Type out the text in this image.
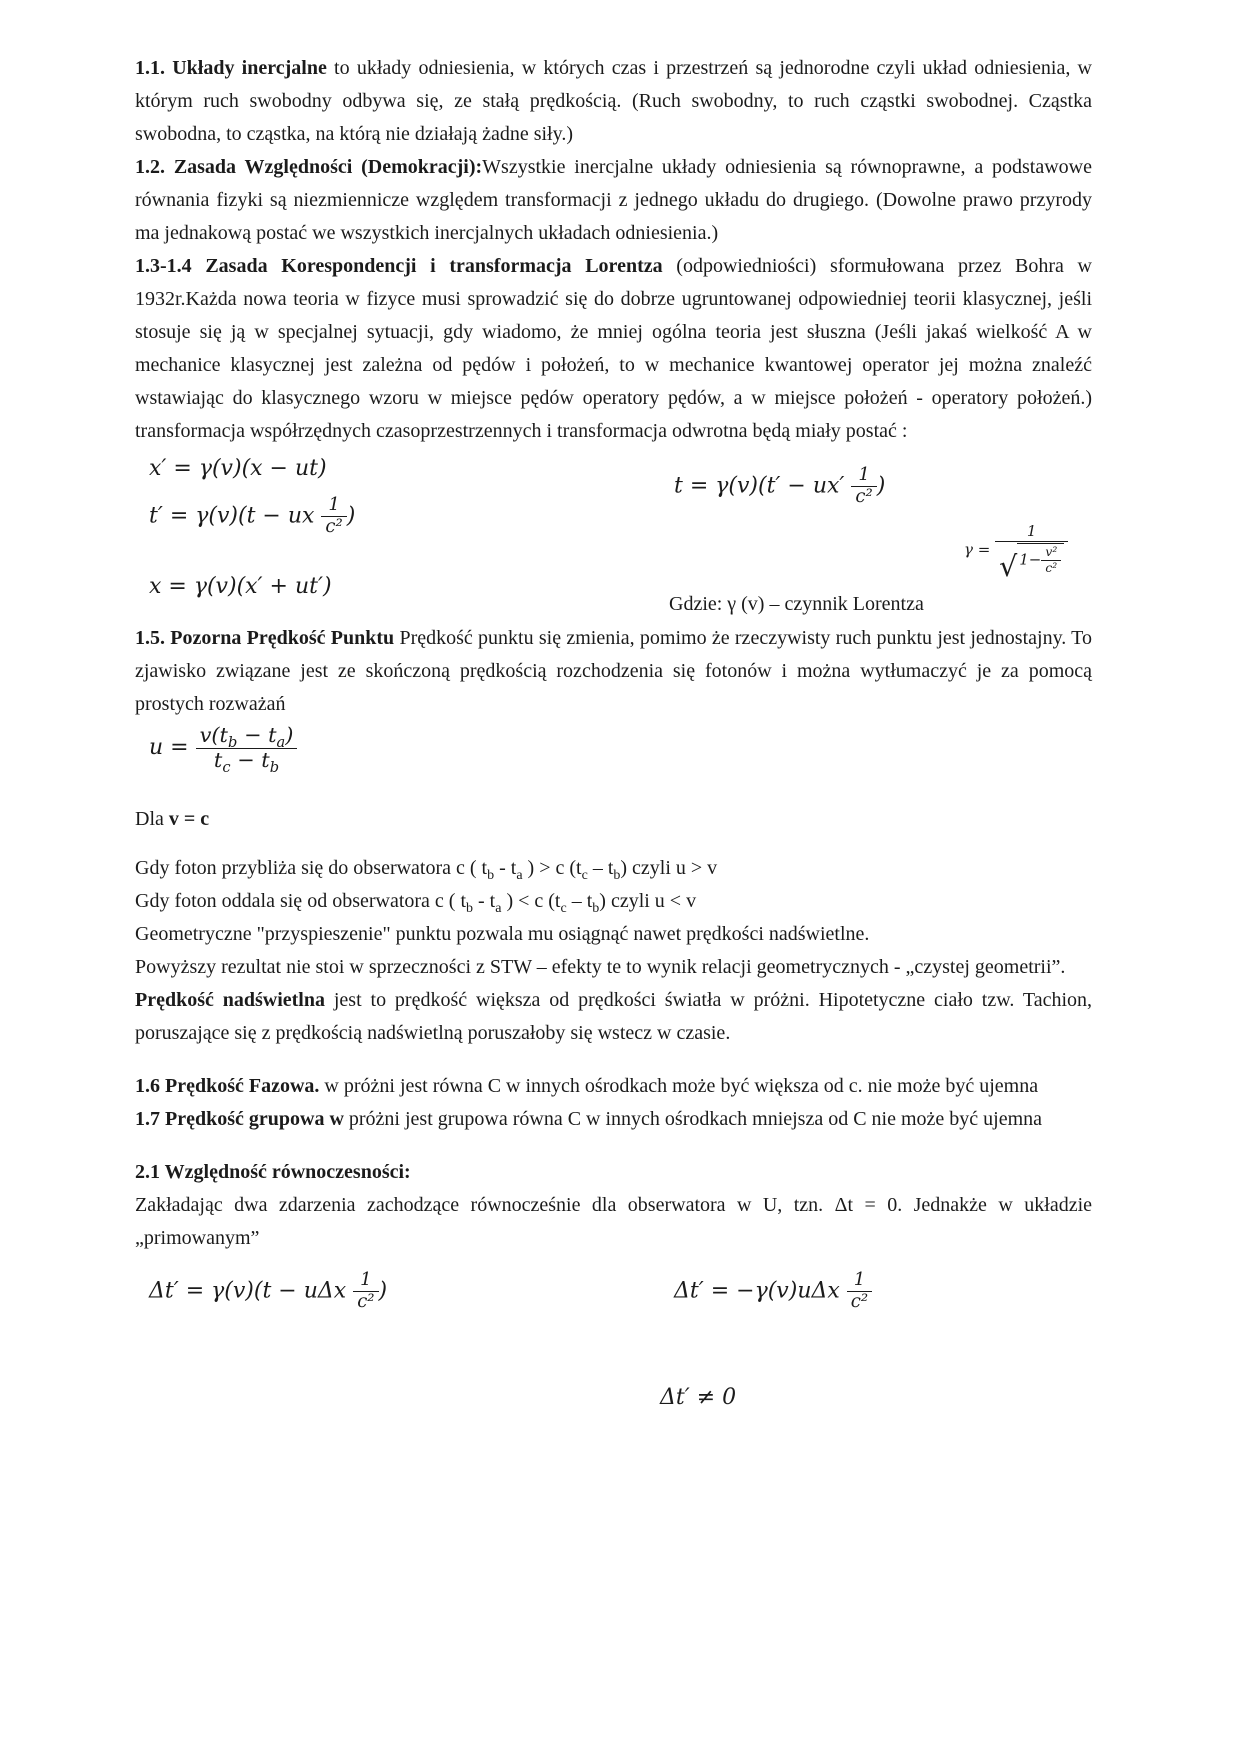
1.1. Układy inercjalne to układy odniesienia, w których czas i przestrzeń są jednorodne czyli układ odniesienia, w którym ruch swobodny odbywa się, ze stałą prędkością. (Ruch swobodny, to ruch cząstki swobodnej. Cząstka swobodna, to cząstka, na którą nie działają żadne siły.)

1.2. Zasada Względności (Demokracji):Wszystkie inercjalne układy odniesienia są równoprawne, a podstawowe równania fizyki są niezmiennicze względem transformacji z jednego układu do drugiego. (Dowolne prawo przyrody ma jednakową postać we wszystkich inercjalnych układach odniesienia.)

1.3-1.4 Zasada Korespondencji i transformacja Lorentza (odpowiedniości) sformułowana przez Bohra w 1932r.Każda nowa teoria w fizyce musi sprowadzić się do dobrze ugruntowanej odpowiedniej teorii klasycznej, jeśli stosuje się ją w specjalnej sytuacji, gdy wiadomo, że mniej ogólna teoria jest słuszna (Jeśli jakaś wielkość A w mechanice klasycznej jest zależna od pędów i położeń, to w mechanice kwantowej operator jej można znaleźć wstawiając do klasycznego wzoru w miejsce pędów operatory pędów, a w miejsce położeń - operatory położeń.) transformacja współrzędnych czasoprzestrzennych i transformacja odwrotna będą miały postać :

x′ = γ(v)(x − ut)
t′ = γ(v)(t − ux $\frac{1}{\text{c²}}$ )
x = γ(v)(x′ + ut′)
$t = \gamma(v)(t' - ux' \frac{1}{\text{c²}}$ )
$\gamma = \frac{1}{√ 1- \frac{\text{v²}}{\text{c²}}}$
Gdzie: γ (v) – czynnik Lorentza

1.5. Pozorna Prędkość Punktu Prędkość punktu się zmienia, pomimo że rzeczywisty ruch punktu jest jednostajny. To zjawisko związane jest ze skończoną prędkością rozchodzenia się fotonów i można wytłumaczyć je za pomocą prostych rozważań

$u = \frac{v(t_b - t_a)}{t_c - t_b}$

Dla v = c

Gdy foton przybliża się do obserwatora c ( $t_b - t_a$ ) > c $(t_c - t_b)$ czyli u > v

Gdy foton oddala się od obserwatora c ( $t_b - t_a$ ) < c $(t_c - t_b)$ czyli u < v

Geometryczne "przyspieszenie" punktu pozwala mu osiągnąć nawet prędkości nadświetlne.

Powyższy rezultat nie stoi w sprzeczności z STW – efekty te to wynik relacji geometrycznych - „czystej geometrii”.

Prędkość nadświetlna jest to prędkość większa od prędkości światła w próżni. Hipotetyczne ciało tzw. Tachion, poruszające się z prędkością nadświetlną poruszałoby się wstecz w czasie.

1.6 Prędkość Fazowa. w próżni jest równa C w innych ośrodkach może być większa od c. nie może być ujemna

1.7 Prędkość grupowa w próżni jest grupowa równa C w innych ośrodkach mniejsza od C nie może być ujemna

2.1 Względność równoczesności:

Zakładając dwa zdarzenia zachodzące równocześnie dla obserwatora w U, tzn. Δt = 0. Jednakże w układzie „primowanym”

Δt′ = γ(v)(t − uΔx $\frac{1}{\text{c²}}$ )	$\Delta t' = -\gamma(v)u\Delta x \frac{1}{\text{c²}}$
Δt′ ≠ 0
